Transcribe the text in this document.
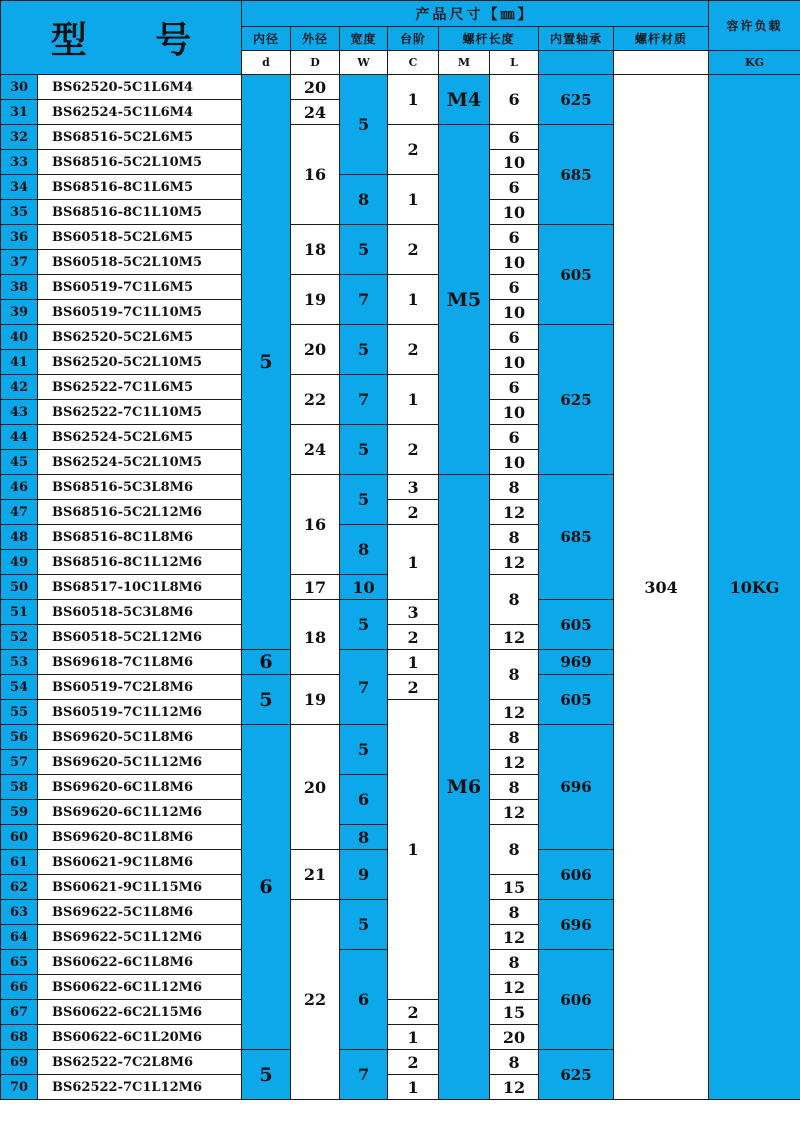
型 号		产品尺寸【㎜】								容许负载
		内径	外径	宽度	台阶	螺杆长度		内置轴承	螺杆材质	
		d	D	W	C	M	L			KG
30	BS62520-5C1L6M4	5	20	5	1	M4	6	625	304	10KG
31	BS62524-5C1L6M4		24							
32	BS68516-5C2L6M5		16		2	M5	6	685		
33	BS68516-5C2L10M5						10			
34	BS68516-8C1L6M5			8	1		6			
35	BS68516-8C1L10M5						10			
36	BS60518-5C2L6M5		18	5	2		6	605		
37	BS60518-5C2L10M5						10			
38	BS60519-7C1L6M5		19	7	1		6			
39	BS60519-7C1L10M5						10			
40	BS62520-5C2L6M5		20	5	2		6	625		
41	BS62520-5C2L10M5						10			
42	BS62522-7C1L6M5		22	7	1		6			
43	BS62522-7C1L10M5						10			
44	BS62524-5C2L6M5		24	5	2		6			
45	BS62524-5C2L10M5						10			
46	BS68516-5C3L8M6		16	5	3	M6	8	685		
47	BS68516-5C2L12M6				2		12			
48	BS68516-8C1L8M6			8	1		8			
49	BS68516-8C1L12M6						12			
50	BS68517-10C1L8M6		17	10			8			
51	BS60518-5C3L8M6		18	5	3			605		
52	BS60518-5C2L12M6				2		12			
53	BS69618-7C1L8M6	6		7	1		8	969		
54	BS60519-7C2L8M6	5	19		2			605		
55	BS60519-7C1L12M6				1		12			
56	BS69620-5C1L8M6	6	20	5			8	696		
57	BS69620-5C1L12M6						12			
58	BS69620-6C1L8M6			6			8			
59	BS69620-6C1L12M6						12			
60	BS69620-8C1L8M6			8			8			
61	BS60621-9C1L8M6		21	9				606		
62	BS60621-9C1L15M6						15			
63	BS69622-5C1L8M6		22	5			8	696		
64	BS69622-5C1L12M6						12			
65	BS60622-6C1L8M6			6			8	606		
66	BS60622-6C1L12M6						12			
67	BS60622-6C2L15M6				2		15			
68	BS60622-6C1L20M6				1		20			
69	BS62522-7C2L8M6	5		7	2		8	625		
70	BS62522-7C1L12M6				1		12			
